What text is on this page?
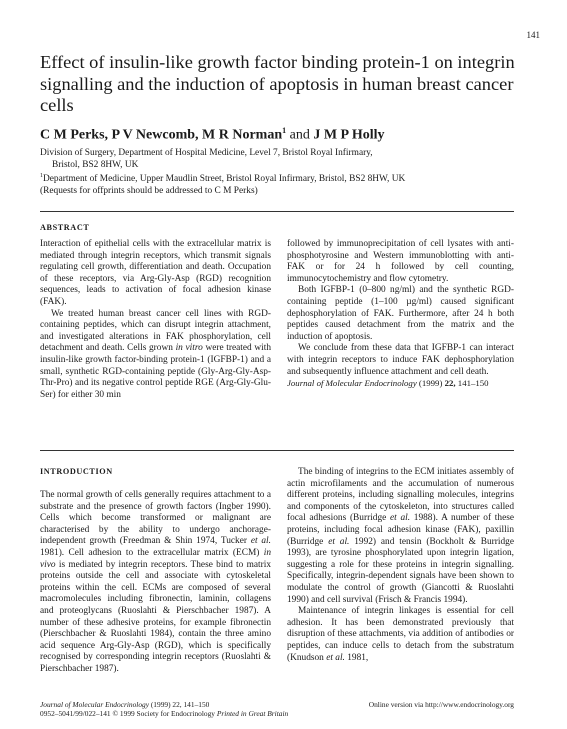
141
Effect of insulin-like growth factor binding protein-1 on integrin signalling and the induction of apoptosis in human breast cancer cells
C M Perks, P V Newcomb, M R Norman$^1$ and J M P Holly
Division of Surgery, Department of Hospital Medicine, Level 7, Bristol Royal Infirmary,
Bristol, BS2 8HW, UK
$^1$Department of Medicine, Upper Maudlin Street, Bristol Royal Infirmary, Bristol, BS2 8HW, UK
(Requests for offprints should be addressed to C M Perks)
ABSTRACT

Interaction of epithelial cells with the extracellular matrix is mediated through integrin receptors, which transmit signals regulating cell growth, differentiation and death. Occupation of these receptors, via Arg-Gly-Asp (RGD) recognition sequences, leads to activation of focal adhesion kinase (FAK).

We treated human breast cancer cell lines with RGD-containing peptides, which can disrupt integrin attachment, and investigated alterations in FAK phosphorylation, cell detachment and death. Cells grown in vitro were treated with insulin-like growth factor-binding protein-1 (IGFBP-1) and a small, synthetic RGD-containing peptide (Gly-Arg-Gly-Asp-Thr-Pro) and its negative control peptide RGE (Arg-Gly-Glu-Ser) for either 30 min

followed by immunoprecipitation of cell lysates with anti-phosphotyrosine and Western immunoblotting with anti-FAK or for 24 h followed by cell counting, immunocytochemistry and flow cytometry.

Both IGFBP-1 (0–800 ng/ml) and the synthetic RGD-containing peptide (1–100 µg/ml) caused significant dephosphorylation of FAK. Furthermore, after 24 h both peptides caused detachment from the matrix and the induction of apoptosis.

We conclude from these data that IGFBP-1 can interact with integrin receptors to induce FAK dephosphorylation and subsequently influence attachment and cell death.

Journal of Molecular Endocrinology (1999) 22, 141–150

INTRODUCTION

The normal growth of cells generally requires attachment to a substrate and the presence of growth factors (Ingber 1990). Cells which become transformed or malignant are characterised by the ability to undergo anchorage-independent growth (Freedman & Shin 1974, Tucker et al. 1981). Cell adhesion to the extracellular matrix (ECM) in vivo is mediated by integrin receptors. These bind to matrix proteins outside the cell and associate with cytoskeletal proteins within the cell. ECMs are composed of several macromolecules including fibronectin, laminin, collagens and proteoglycans (Ruoslahti & Pierschbacher 1987). A number of these adhesive proteins, for example fibronectin (Pierschbacher & Ruoslahti 1984), contain the three amino acid sequence Arg-Gly-Asp (RGD), which is specifically recognised by corresponding integrin receptors (Ruoslahti & Pierschbacher 1987).

The binding of integrins to the ECM initiates assembly of actin microfilaments and the accumulation of numerous different proteins, including signalling molecules, integrins and components of the cytoskeleton, into structures called focal adhesions (Burridge et al. 1988). A number of these proteins, including focal adhesion kinase (FAK), paxillin (Burridge et al. 1992) and tensin (Bockholt & Burridge 1993), are tyrosine phosphorylated upon integrin ligation, suggesting a role for these proteins in integrin signalling. Specifically, integrin-dependent signals have been shown to modulate the control of growth (Giancotti & Ruoslahti 1990) and cell survival (Frisch & Francis 1994).

Maintenance of integrin linkages is essential for cell adhesion. It has been demonstrated previously that disruption of these attachments, via addition of antibodies or peptides, can induce cells to detach from the substratum (Knudson et al. 1981,

Journal of Molecular Endocrinology (1999) 22, 141–150
0952–5041/99/022–141 © 1999 Society for Endocrinology Printed in Great Britain
Online version via http://www.endocrinology.org
